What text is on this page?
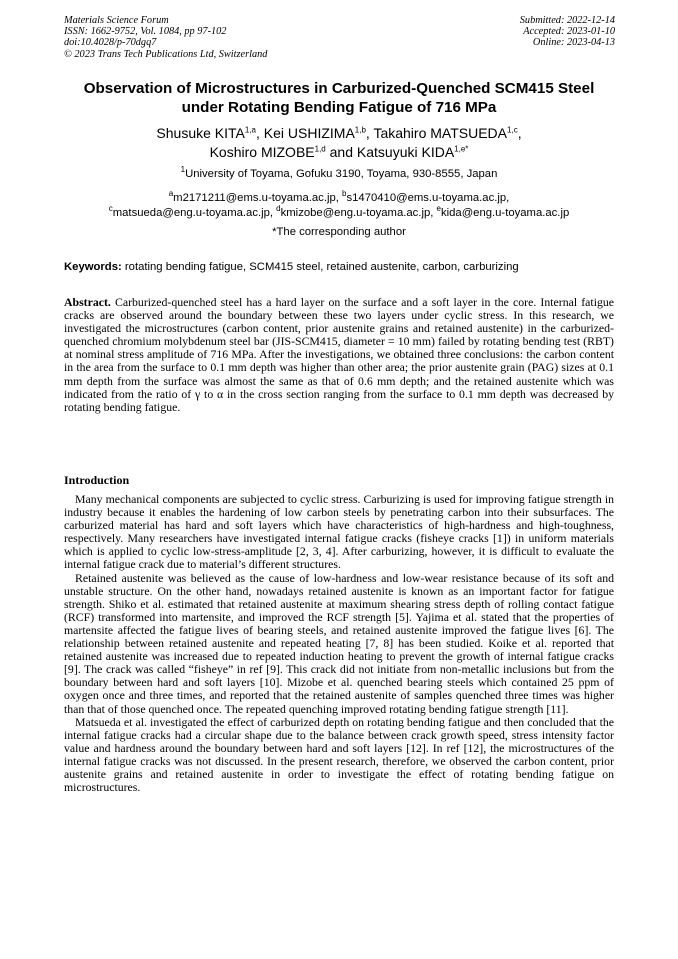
Materials Science Forum
ISSN: 1662-9752, Vol. 1084, pp 97-102
doi:10.4028/p-70dgq7
© 2023 Trans Tech Publications Ltd, Switzerland
Submitted: 2022-12-14
Accepted: 2023-01-10
Online: 2023-04-13
Observation of Microstructures in Carburized-Quenched SCM415 Steel
under Rotating Bending Fatigue of 716 MPa
Shusuke KITA$^{1,a}$, Kei USHIZIMA$^{1,b}$, Takahiro MATSUEDA$^{1,c}$,
Koshiro MIZOBE$^{1,d}$ and Katsuyuki $KIDA^{1,e*}$
$^1$University of Toyama, Gofuku 3190, Toyama, 930-8555, Japan
$^a$m2171211@ems.u-toyama.ac.jp, $^b$s1470410@ems.u-toyama.ac.jp,
$^c$matsueda@eng.u-toyama.ac.jp, $^d$kmizobe@eng.u-toyama.ac.jp, $^e$kida@eng.u-toyama.ac.jp
*The corresponding author
Keywords: rotating bending fatigue, SCM415 steel, retained austenite, carbon, carburizing
Abstract. Carburized-quenched steel has a hard layer on the surface and a soft layer in the core. Internal fatigue cracks are observed around the boundary between these two layers under cyclic stress. In this research, we investigated the microstructures (carbon content, prior austenite grains and retained austenite) in the carburized-quenched chromium molybdenum steel bar (JIS-SCM415, diameter = 10 mm) failed by rotating bending test (RBT) at nominal stress amplitude of 716 MPa. After the investigations, we obtained three conclusions: the carbon content in the area from the surface to 0.1 mm depth was higher than other area; the prior austenite grain (PAG) sizes at 0.1 mm depth from the surface was almost the same as that of 0.6 mm depth; and the retained austenite which was indicated from the ratio of γ to α in the cross section ranging from the surface to 0.1 mm depth was decreased by rotating bending fatigue.
Introduction

Many mechanical components are subjected to cyclic stress. Carburizing is used for improving fatigue strength in industry because it enables the hardening of low carbon steels by penetrating carbon into their subsurfaces. The carburized material has hard and soft layers which have characteristics of high-hardness and high-toughness, respectively. Many researchers have investigated internal fatigue cracks (fisheye cracks [1]) in uniform materials which is applied to cyclic low-stress-amplitude [2, 3, 4]. After carburizing, however, it is difficult to evaluate the internal fatigue crack due to material’s different structures.

Retained austenite was believed as the cause of low-hardness and low-wear resistance because of its soft and unstable structure. On the other hand, nowadays retained austenite is known as an important factor for fatigue strength. Shiko et al. estimated that retained austenite at maximum shearing stress depth of rolling contact fatigue (RCF) transformed into martensite, and improved the RCF strength [5]. Yajima et al. stated that the properties of martensite affected the fatigue lives of bearing steels, and retained austenite improved the fatigue lives [6]. The relationship between retained austenite and repeated heating [7, 8] has been studied. Koike et al. reported that retained austenite was increased due to repeated induction heating to prevent the growth of internal fatigue cracks [9]. The crack was called “fisheye” in ref [9]. This crack did not initiate from non-metallic inclusions but from the boundary between hard and soft layers [10]. Mizobe et al. quenched bearing steels which contained 25 ppm of oxygen once and three times, and reported that the retained austenite of samples quenched three times was higher than that of those quenched once. The repeated quenching improved rotating bending fatigue strength [11].

Matsueda et al. investigated the effect of carburized depth on rotating bending fatigue and then concluded that the internal fatigue cracks had a circular shape due to the balance between crack growth speed, stress intensity factor value and hardness around the boundary between hard and soft layers [12]. In ref [12], the microstructures of the internal fatigue cracks was not discussed. In the present research, therefore, we observed the carbon content, prior austenite grains and retained austenite in order to investigate the effect of rotating bending fatigue on microstructures.
